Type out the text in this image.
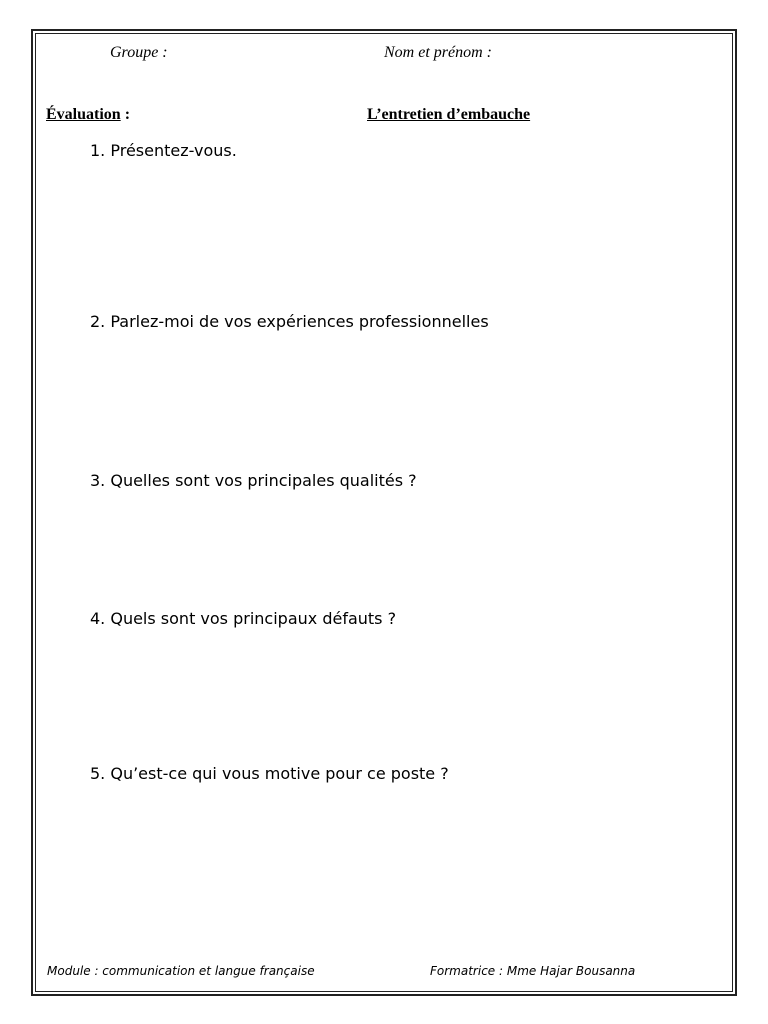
Groupe :	Nom et prénom :
Évaluation :	L’entretien d’embauche
1. Présentez-vous.
2. Parlez-moi de vos expériences professionnelles
3. Quelles sont vos principales qualités ?
4. Quels sont vos principaux défauts ?
5. Qu’est-ce qui vous motive pour ce poste ?
Module : communication et langue française	Formatrice : Mme Hajar Bousanna
